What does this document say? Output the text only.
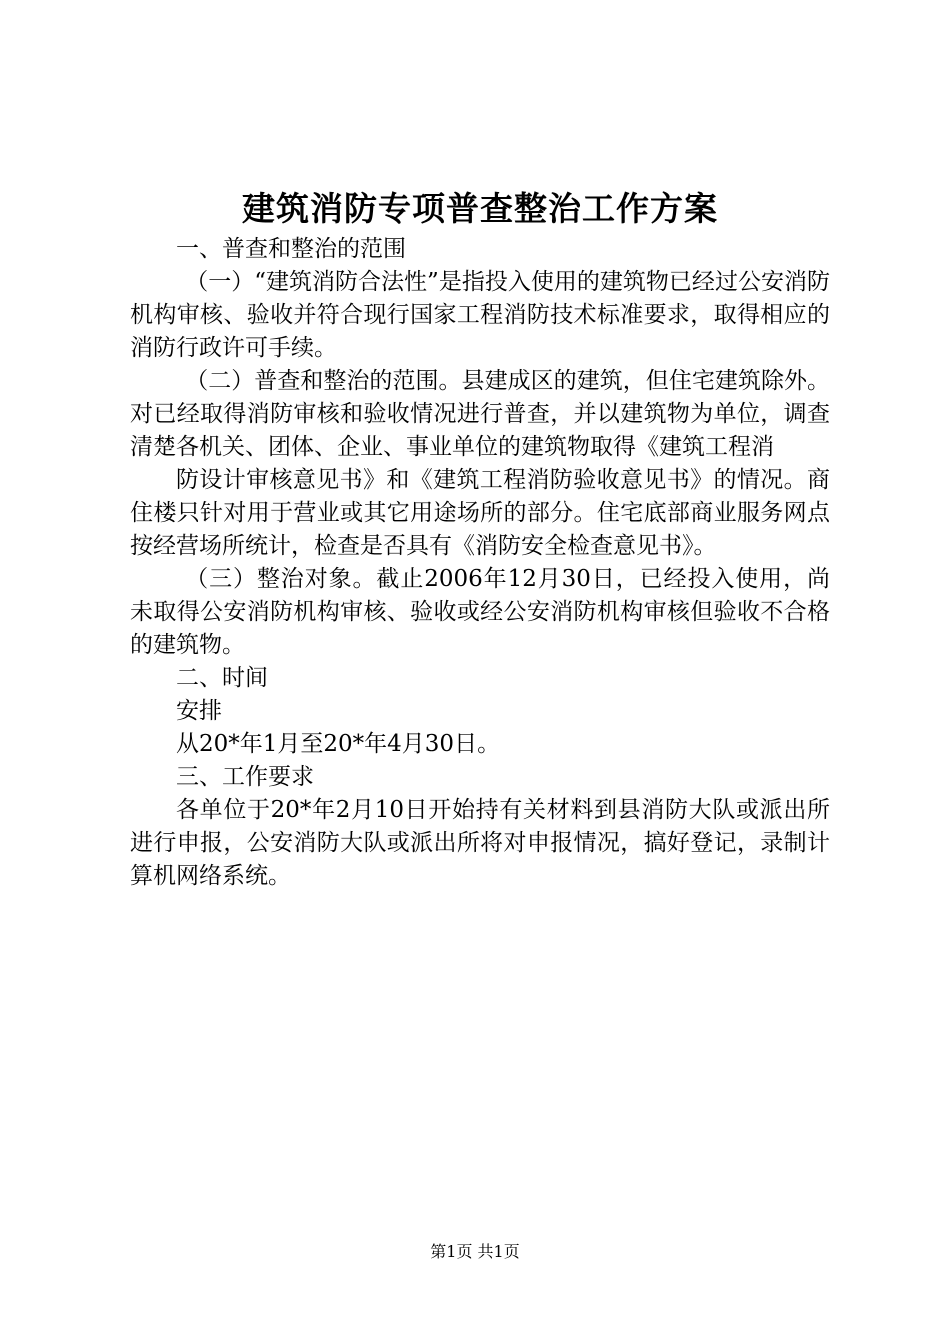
建筑消防专项普查整治工作方案

一、普查和整治的范围

（一）“建筑消防合法性”是指投入使用的建筑物已经过公安消防机构审核、验收并符合现行国家工程消防技术标准要求，取得相应的消防行政许可手续。

（二）普查和整治的范围。县建成区的建筑，但住宅建筑除外。对已经取得消防审核和验收情况进行普查，并以建筑物为单位，调查清楚各机关、团体、企业、事业单位的建筑物取得《建筑工程消

防设计审核意见书》和《建筑工程消防验收意见书》的情况。商住楼只针对用于营业或其它用途场所的部分。住宅底部商业服务网点按经营场所统计，检查是否具有《消防安全检查意见书》。

（三）整治对象。截止2006年12月30日，已经投入使用，尚未取得公安消防机构审核、验收或经公安消防机构审核但验收不合格的建筑物。

二、时间

安排

从20*年1月至20*年4月30日。

三、工作要求

各单位于20*年2月10日开始持有关材料到县消防大队或派出所进行申报，公安消防大队或派出所将对申报情况，搞好登记，录制计算机网络系统。

第1页 共1页
